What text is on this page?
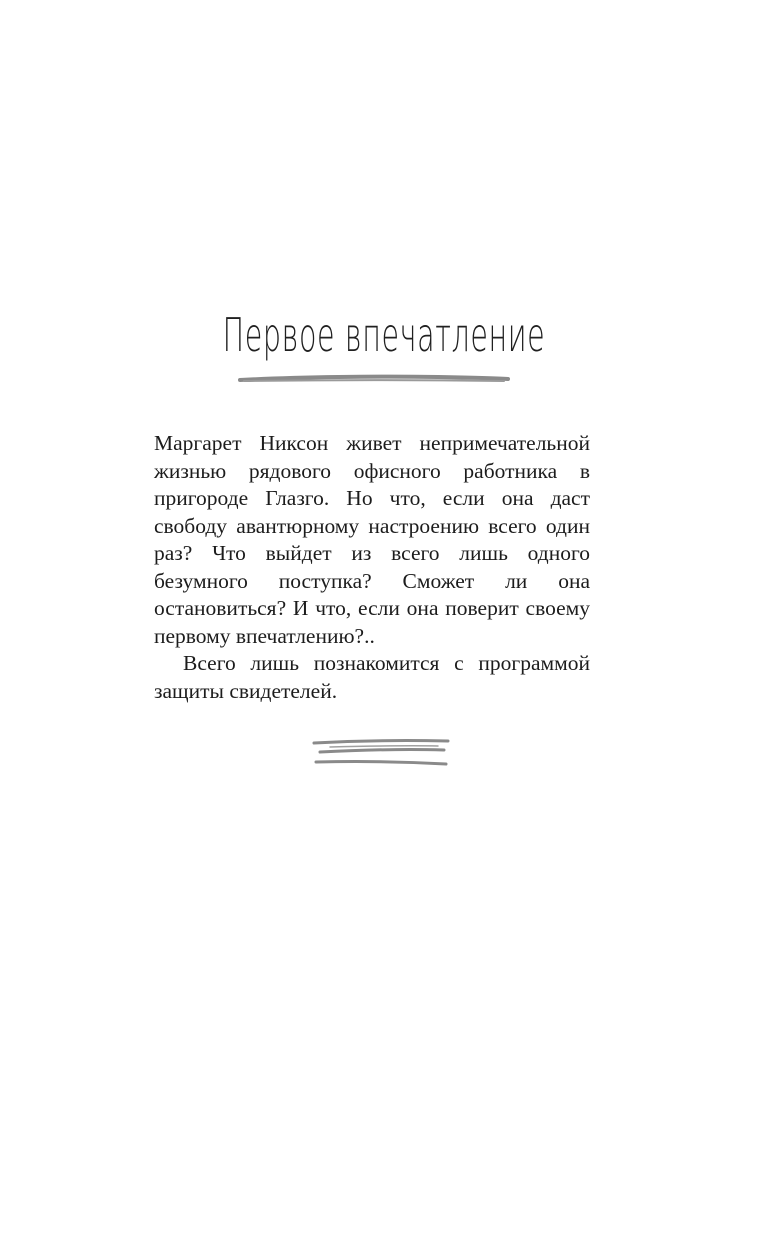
Первое впечатление

Маргарет Никсон живет непримечательной жизнью рядового офисного работника в пригороде Глазго. Но что, если она даст свободу авантюрному настроению всего один раз? Что выйдет из всего лишь одного безумного поступка? Сможет ли она остановиться? И что, если она поверит своему первому впечатлению?..

Всего лишь познакомится с программой защиты свидетелей.
